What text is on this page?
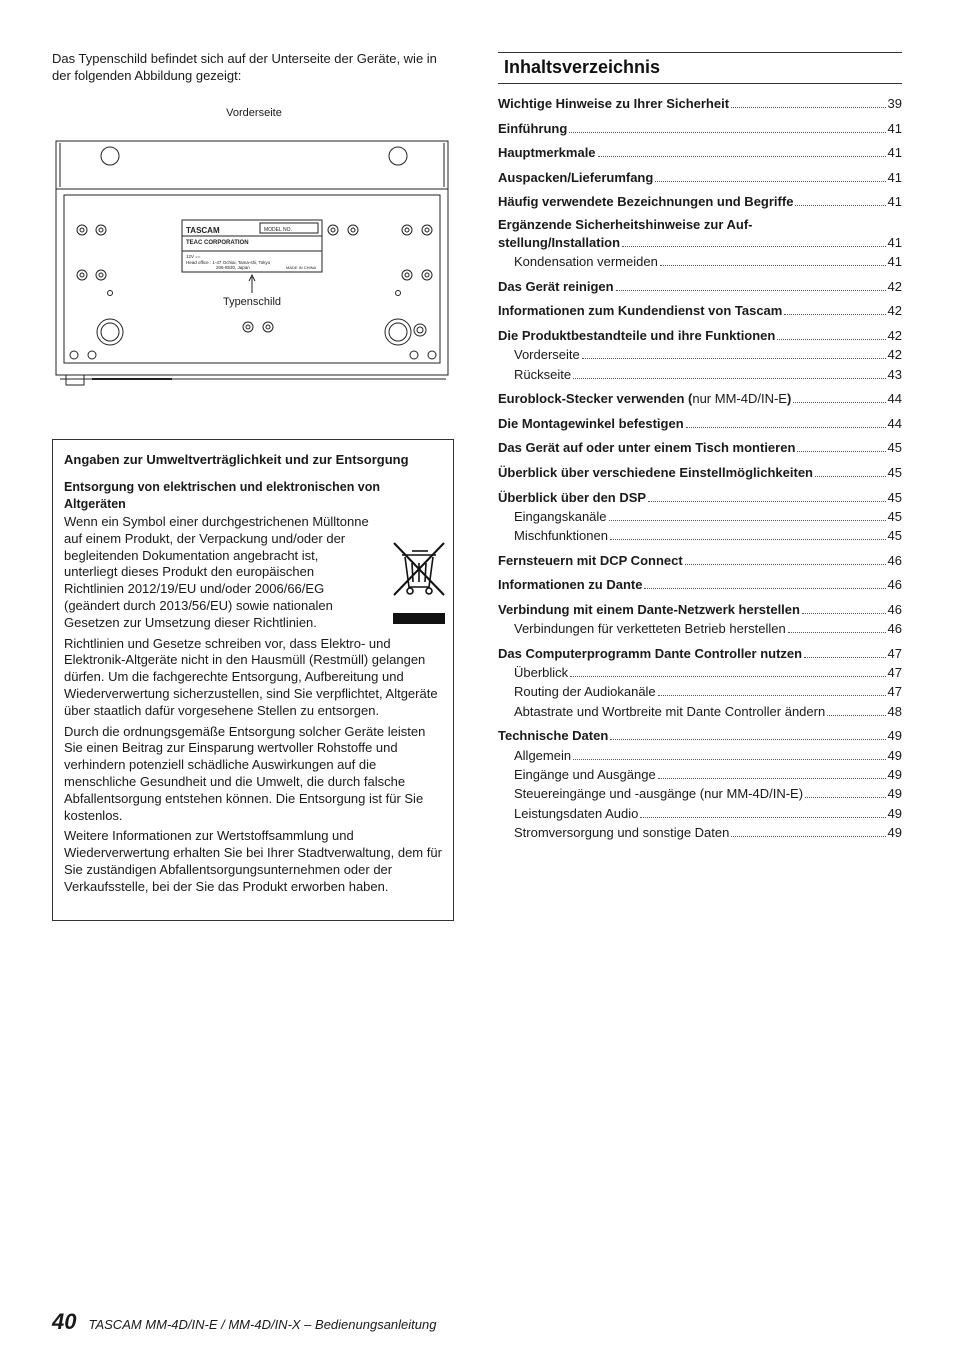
Das Typenschild befindet sich auf der Unterseite der Geräte, wie in der folgenden Abbildung gezeigt:
Vorderseite
TASCAM	MODEL NO.
TEAC CORPORATION
12V ==
Head office : 1-47 Ochiai, Tama-shi, Tokyo
206-8530, Japan	MADE IN CHINA
Typenschild
Angaben zur Umweltverträglichkeit und zur Entsorgung
Entsorgung von elektrischen und elektronischen von Altgeräten
Wenn ein Symbol einer durchgestrichenen Mülltonne auf einem Produkt, der Verpackung und/oder der begleitenden Dokumentation angebracht ist, unterliegt dieses Produkt den europäischen Richtlinien 2012/19/EU und/oder 2006/66/EG (geändert durch 2013/56/EU) sowie nationalen Gesetzen zur Umsetzung dieser Richtlinien.
Richtlinien und Gesetze schreiben vor, dass Elektro- und Elektronik-Altgeräte nicht in den Hausmüll (Restmüll) gelangen dürfen. Um die fachgerechte Entsorgung, Aufbereitung und Wiederverwertung sicherzustellen, sind Sie verpflichtet, Altgeräte über staatlich dafür vorgesehene Stellen zu entsorgen.
Durch die ordnungsgemäße Entsorgung solcher Geräte leisten Sie einen Beitrag zur Einsparung wertvoller Rohstoffe und verhindern potenziell schädliche Auswirkungen auf die menschliche Gesundheit und die Umwelt, die durch falsche Abfallentsorgung entstehen können. Die Entsorgung ist für Sie kostenlos.
Weitere Informationen zur Wertstoffsammlung und Wiederverwertung erhalten Sie bei Ihrer Stadtverwaltung, dem für Sie zuständigen Abfallentsorgungsunternehmen oder der Verkaufsstelle, bei der Sie das Produkt erworben haben.
Inhaltsverzeichnis
Wichtige Hinweise zu Ihrer Sicherheit	39
Einführung	41
Hauptmerkmale	41
Auspacken/Lieferumfang	41
Häufig verwendete Bezeichnungen und Begriffe	41
Ergänzende Sicherheitshinweise zur Auf-
stellung/Installation	41
Kondensation vermeiden	41
Das Gerät reinigen	42
Informationen zum Kundendienst von Tascam	42
Die Produktbestandteile und ihre Funktionen	42
Vorderseite	42
Rückseite	43
Euroblock-Stecker verwenden (nur MM-4D/IN-E)	44
Die Montagewinkel befestigen	44
Das Gerät auf oder unter einem Tisch montieren	45
Überblick über verschiedene Einstellmöglichkeiten	45
Überblick über den DSP	45
Eingangskanäle	45
Mischfunktionen	45
Fernsteuern mit DCP Connect	46
Informationen zu Dante	46
Verbindung mit einem Dante-Netzwerk herstellen	46
Verbindungen für verketteten Betrieb herstellen	46
Das Computerprogramm Dante Controller nutzen	47
Überblick	47
Routing der Audiokanäle	47
Abtastrate und Wortbreite mit Dante Controller ändern	48
Technische Daten	49
Allgemein	49
Eingänge und Ausgänge	49
Steuereingänge und -ausgänge (nur MM-4D/IN-E)	49
Leistungsdaten Audio	49
Stromversorgung und sonstige Daten	49
40 TASCAM MM-4D/IN-E / MM-4D/IN-X – Bedienungsanleitung
